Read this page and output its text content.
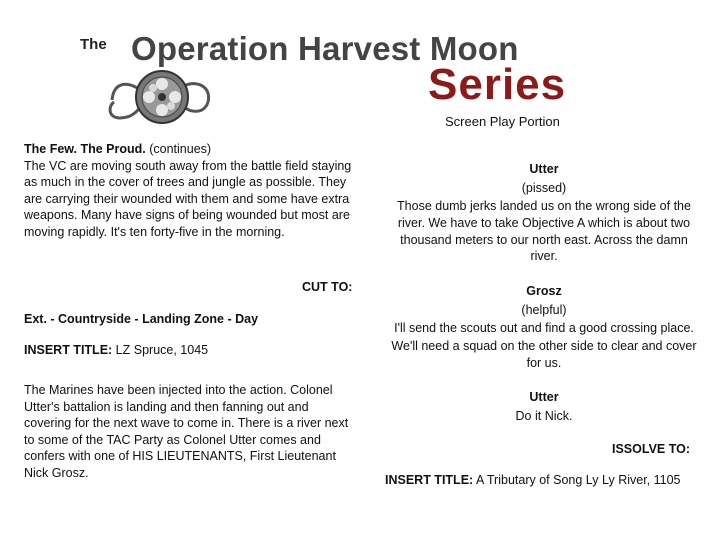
The Operation Harvest Moon
Series
Screen Play Portion
The Few. The Proud. (continues)
The VC are moving south away from the battle field staying as much in the cover of trees and jungle as possible. They are carrying their wounded with them and some have extra weapons. Many have signs of being wounded but most are moving rapidly. It's ten forty-five in the morning.
CUT TO:
Ext. - Countryside - Landing Zone - Day
INSERT TITLE: LZ Spruce, 1045
The Marines have been injected into the action. Colonel Utter's battalion is landing and then fanning out and covering for the next wave to come in. There is a river next to some of the TAC Party as Colonel Utter comes and confers with one of HIS LIEUTENANTS, First Lieutenant Nick Grosz.
Utter
(pissed)
Those dumb jerks landed us on the wrong side of the river. We have to take Objective A which is about two thousand meters to our north east. Across the damn river.
Grosz
(helpful)
I'll send the scouts out and find a good crossing place. We'll need a squad on the other side to clear and cover for us.
Utter
Do it Nick.
ISSOLVE TO:
INSERT TITLE: A Tributary of Song Ly Ly River, 1105
